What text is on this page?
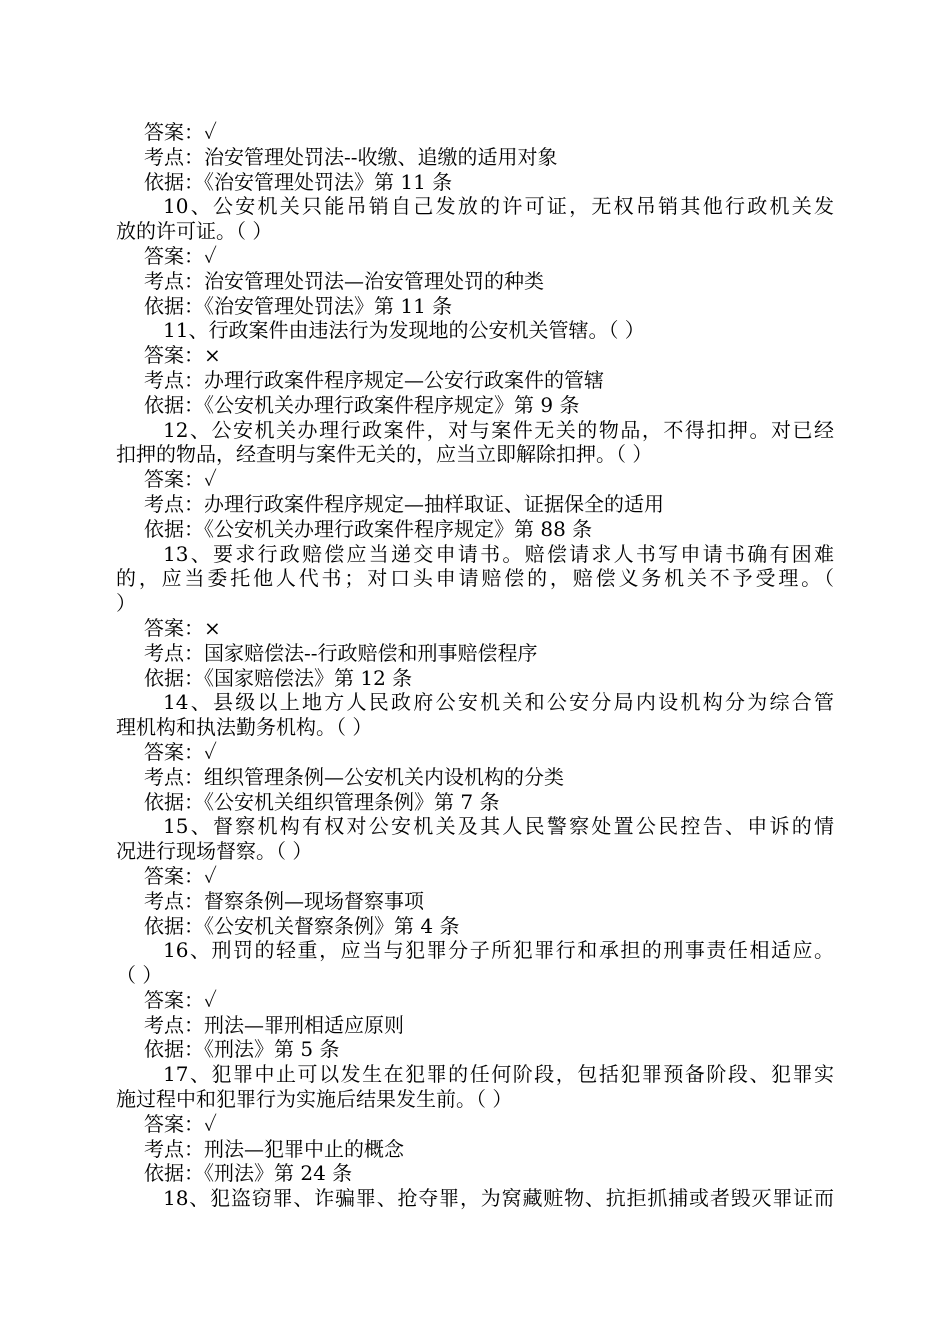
答案：✓
考点：治安管理处罚法--收缴、追缴的适用对象
依据：《治安管理处罚法》第 11 条
10、公安机关只能吊销自己发放的许可证，无权吊销其他行政机关发
放的许可证。（ ）
答案：✓
考点：治安管理处罚法—治安管理处罚的种类
依据：《治安管理处罚法》第 11 条
11、行政案件由违法行为发现地的公安机关管辖。（ ）
答案：×
考点：办理行政案件程序规定—公安行政案件的管辖
依据：《公安机关办理行政案件程序规定》第 9 条
12、公安机关办理行政案件，对与案件无关的物品，不得扣押。对已经
扣押的物品，经查明与案件无关的，应当立即解除扣押。（ ）
答案：✓
考点：办理行政案件程序规定—抽样取证、证据保全的适用
依据：《公安机关办理行政案件程序规定》第 88 条
13、要求行政赔偿应当递交申请书。赔偿请求人书写申请书确有困难
的，应当委托他人代书；对口头申请赔偿的，赔偿义务机关不予受理。（
）
答案：×
考点：国家赔偿法--行政赔偿和刑事赔偿程序
依据：《国家赔偿法》第 12 条
14、县级以上地方人民政府公安机关和公安分局内设机构分为综合管
理机构和执法勤务机构。（ ）
答案：✓
考点：组织管理条例—公安机关内设机构的分类
依据：《公安机关组织管理条例》第 7 条
15、督察机构有权对公安机关及其人民警察处置公民控告、申诉的情
况进行现场督察。（ ）
答案：✓
考点：督察条例—现场督察事项
依据：《公安机关督察条例》第 4 条
16、刑罚的轻重，应当与犯罪分子所犯罪行和承担的刑事责任相适应。
（ ）
答案：✓
考点：刑法—罪刑相适应原则
依据：《刑法》第 5 条
17、犯罪中止可以发生在犯罪的任何阶段，包括犯罪预备阶段、犯罪实
施过程中和犯罪行为实施后结果发生前。（ ）
答案：✓
考点：刑法—犯罪中止的概念
依据：《刑法》第 24 条
18、犯盗窃罪、诈骗罪、抢夺罪，为窝藏赃物、抗拒抓捕或者毁灭罪证而
